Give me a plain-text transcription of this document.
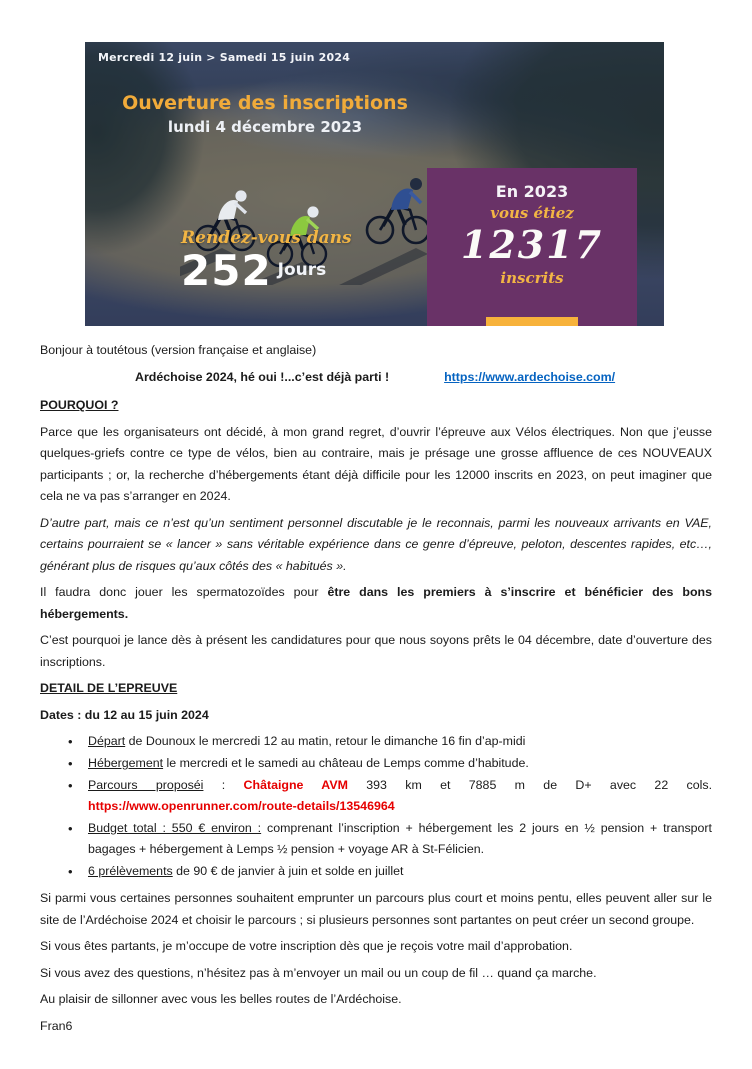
Mercredi 12 juin > Samedi 15 juin 2024
Ouverture des inscriptions
lundi 4 décembre 2023
Rendez-vous dans
252 Jours
En 2023
vous étiez
12317
inscrits

Bonjour à toutétous (version française et anglaise)

Ardéchoise 2024, hé oui !...c’est déjà parti !	https://www.ardechoise.com/

POURQUOI ?

Parce que les organisateurs ont décidé, à mon grand regret, d’ouvrir l’épreuve aux Vélos électriques. Non que j’eusse quelques-griefs contre ce type de vélos, bien au contraire, mais je présage une grosse affluence de ces NOUVEAUX participants ; or, la recherche d’hébergements étant déjà difficile pour les 12000 inscrits en 2023, on peut imaginer que cela ne va pas s’arranger en 2024.

D’autre part, mais ce n’est qu’un sentiment personnel discutable je le reconnais, parmi les nouveaux arrivants en VAE, certains pourraient se « lancer » sans véritable expérience dans ce genre d’épreuve, peloton, descentes rapides, etc…, générant plus de risques qu’aux côtés des « habitués ».

Il faudra donc jouer les spermatozoïdes pour être dans les premiers à s’inscrire et bénéficier des bons hébergements.

C’est pourquoi je lance dès à présent les candidatures pour que nous soyons prêts le 04 décembre, date d’ouverture des inscriptions.

DETAIL DE L’EPREUVE

Dates : du 12 au 15 juin 2024

• Départ de Dounoux le mercredi 12 au matin, retour le dimanche 16 fin d’ap-midi
• Hébergement le mercredi et le samedi au château de Lemps comme d’habitude.
• Parcours proposéi : Châtaigne AVM 393 km et 7885 m de D+ avec 22 cols.
https://www.openrunner.com/route-details/13546964
• Budget total : 550 € environ : comprenant l’inscription + hébergement les 2 jours en ½ pension + transport bagages + hébergement à Lemps ½ pension + voyage AR à St-Félicien.
• 6 prélèvements de 90 € de janvier à juin et solde en juillet

Si parmi vous certaines personnes souhaitent emprunter un parcours plus court et moins pentu, elles peuvent aller sur le site de l’Ardéchoise 2024 et choisir le parcours ; si plusieurs personnes sont partantes on peut créer un second groupe.

Si vous êtes partants, je m’occupe de votre inscription dès que je reçois votre mail d’approbation.

Si vous avez des questions, n’hésitez pas à m’envoyer un mail ou un coup de fil … quand ça marche.

Au plaisir de sillonner avec vous les belles routes de l’Ardéchoise.

Fran6
